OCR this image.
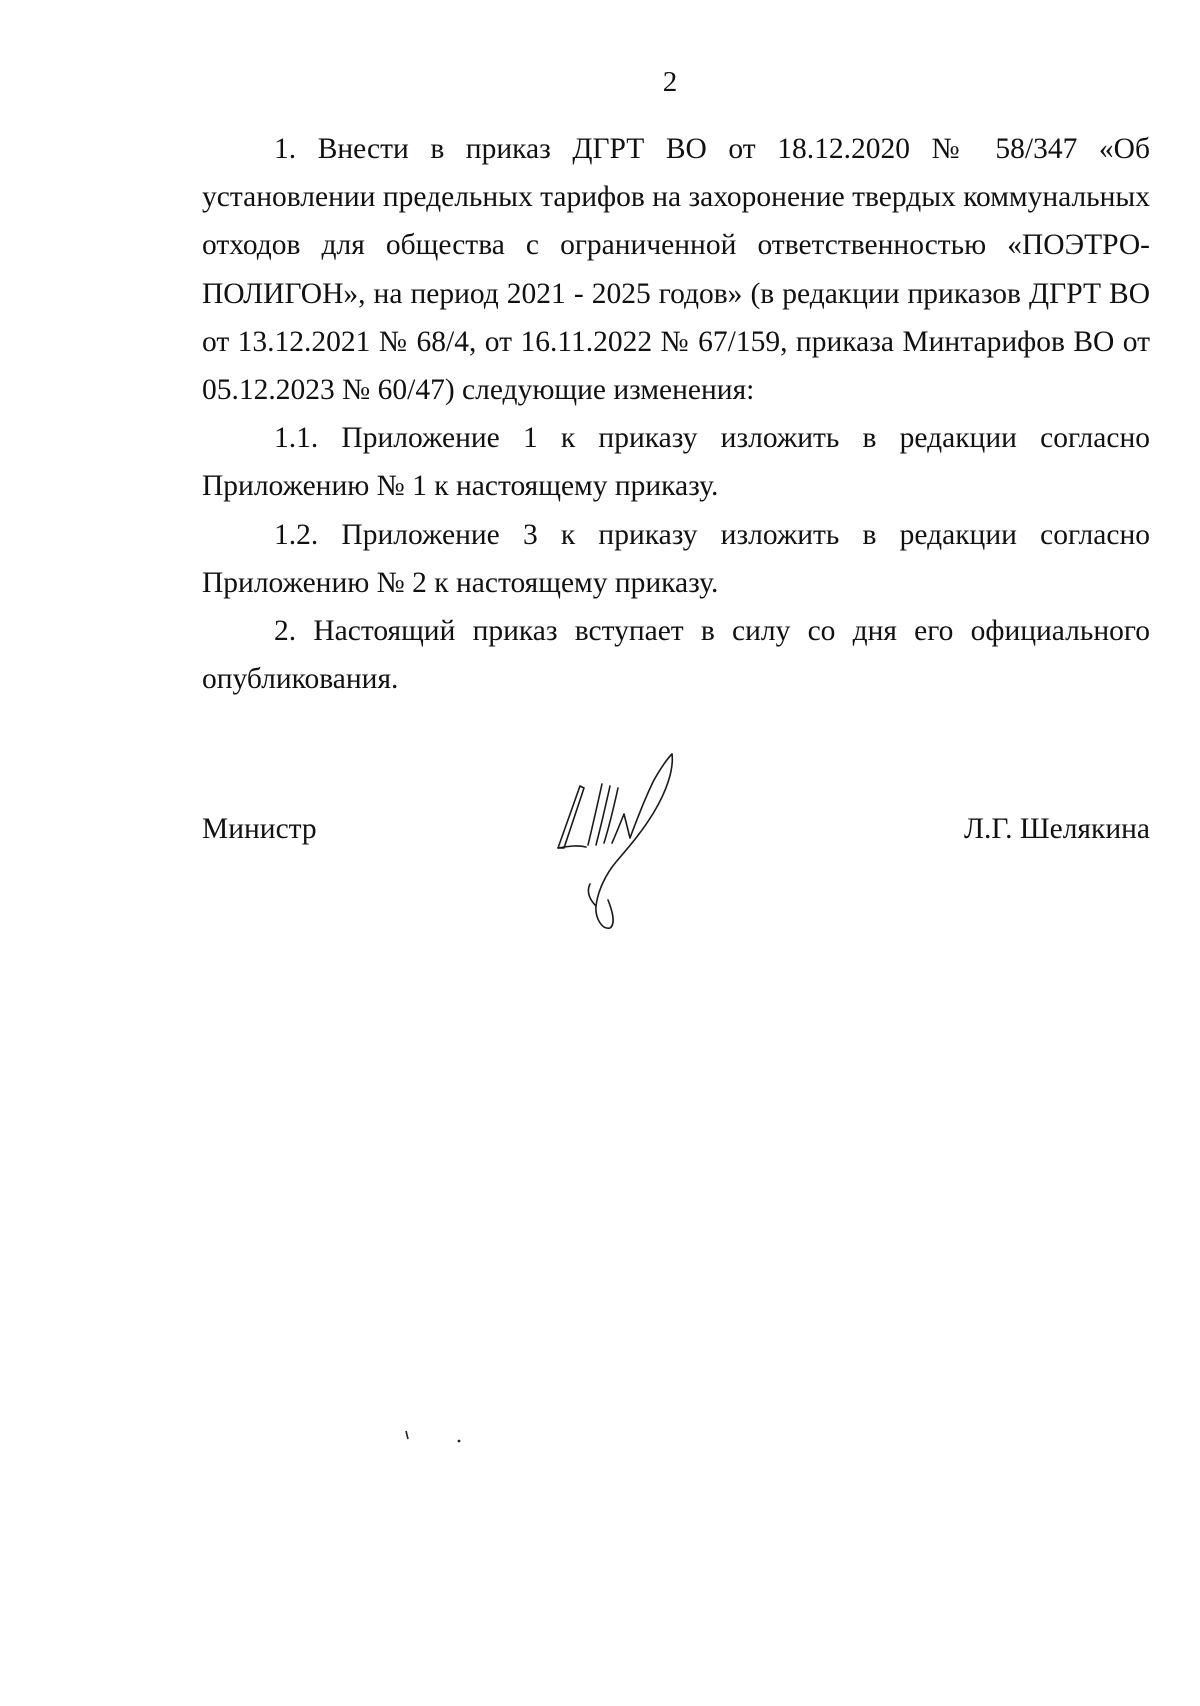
2

1. Внести в приказ ДГРТ ВО от 18.12.2020 № 58/347 «Об установлении предельных тарифов на захоронение твердых коммунальных отходов для общества с ограниченной ответственностью «ПОЭТРО-ПОЛИГОН», на период 2021 - 2025 годов» (в редакции приказов ДГРТ ВО от 13.12.2021 № 68/4, от 16.11.2022 № 67/159, приказа Минтарифов ВО от 05.12.2023 № 60/47) следующие изменения:

1.1. Приложение 1 к приказу изложить в редакции согласно Приложению № 1 к настоящему приказу.

1.2. Приложение 3 к приказу изложить в редакции согласно Приложению № 2 к настоящему приказу.

2. Настоящий приказ вступает в силу со дня его официального опубликования.

Министр	Л.Г. Шелякина
